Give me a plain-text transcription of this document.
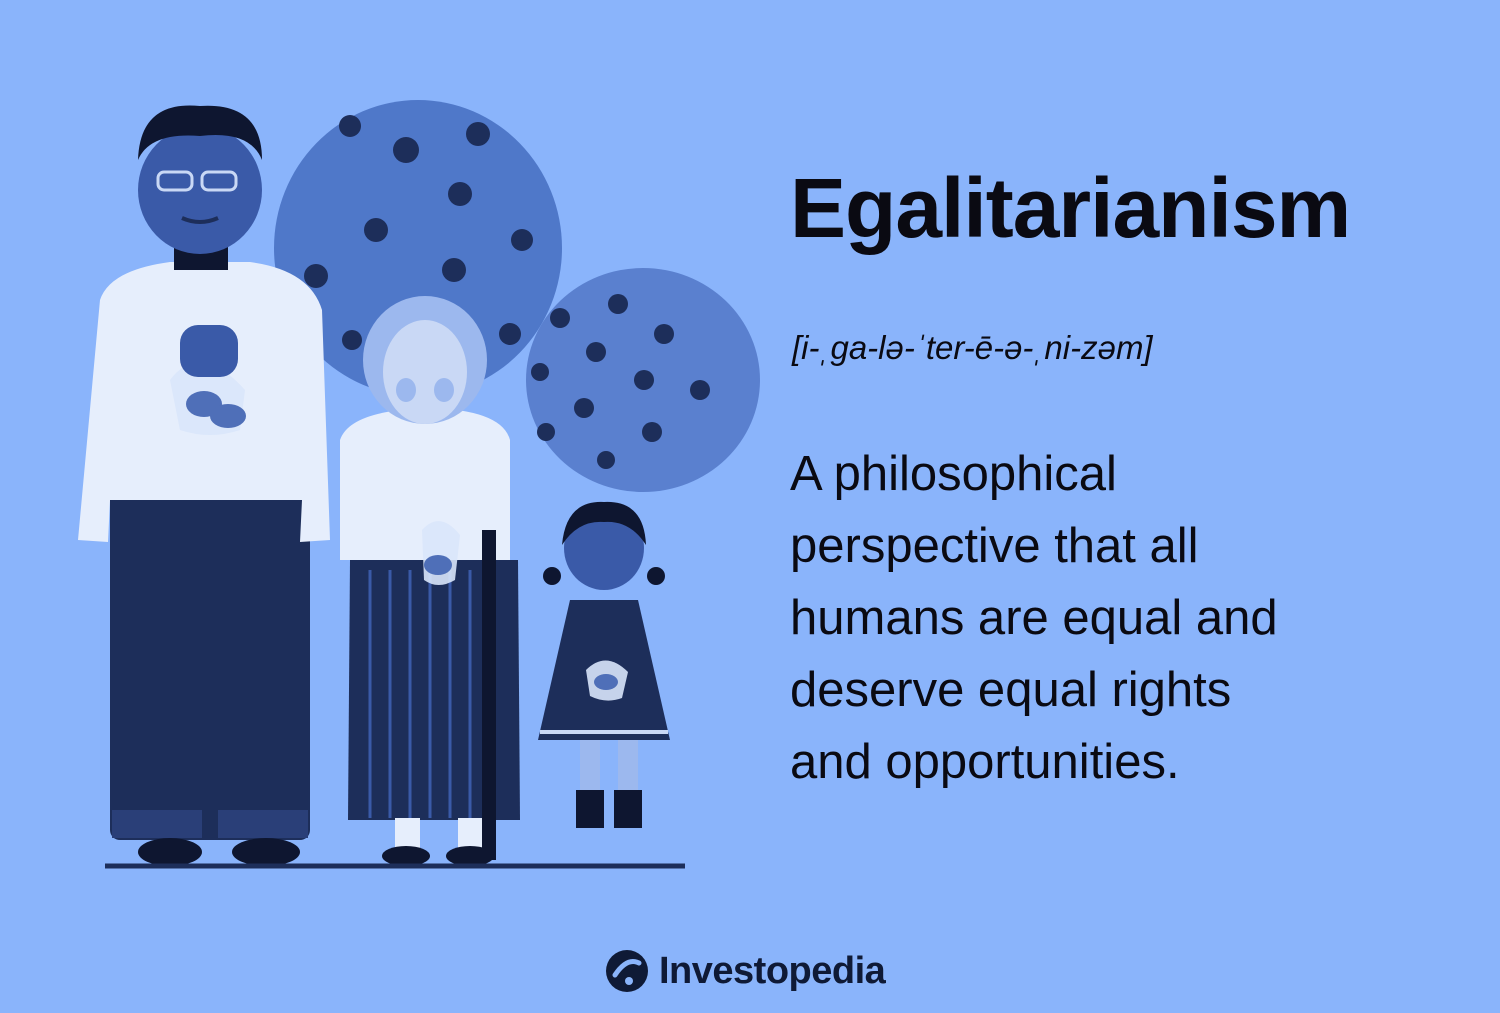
Egalitarianism

[i-ˌga-lə-ˈter-ē-ə-ˌni-zəm]

A philosophical
perspective that all
humans are equal and
deserve equal rights
and opportunities.

Investopedia
